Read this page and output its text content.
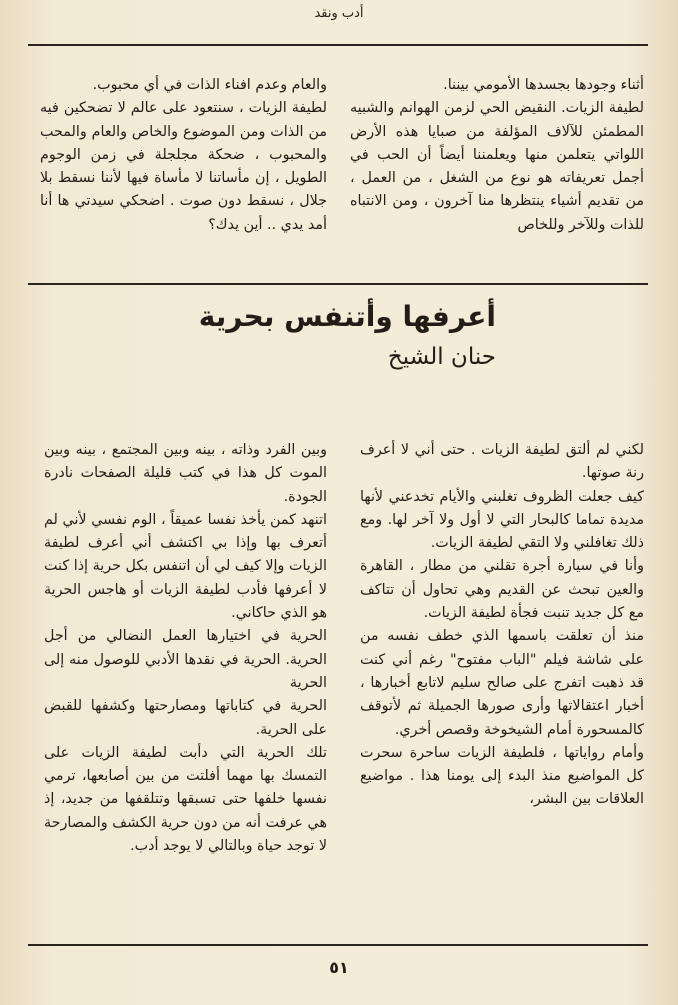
أدب ونقد
أثناء وجودها بجسدها الأمومي بيننا.
لطيفة الزيات. النقيض الحي لزمن الهوانم والشبيه المطمئن للآلاف المؤلفة من صبايا هذه الأرض اللواتي يتعلمن منها ويعلمننا أيضاً أن الحب في أجمل تعريفاته هو نوع من الشغل ، من العمل ، من تقديم أشياء ينتظرها منا آخرون ، ومن الانتباه للذات وللآخر وللخاص
والعام وعدم افناء الذات في أي محبوب.
لطيفة الزيات ، سنتعود على عالم لا تضحكين فيه من الذات ومن الموضوع والخاص والعام والمحب والمحبوب ، ضحكة مجلجلة في زمن الوجوم الطويل ، إن مأساتنا لا مأساة فيها لأننا نسقط بلا جلال ، نسقط دون صوت . اضحكي سيدتي ها أنا أمد يدي .. أين يدك؟
أعرفها وأتنفس بحرية
حنان الشيخ
لكني لم ألتق لطيفة الزيات . حتى أني لا أعرف رنة صوتها.
كيف جعلت الظروف تغلبني والأيام تخدعني لأنها مديدة تماما كالبحار التي لا أول ولا آخر لها. ومع ذلك تغافلني ولا التقي لطيفة الزيات.
وأنا في سيارة أجرة تقلني من مطار ، القاهرة والعين تبحث عن القديم وهي تحاول أن تتاكف مع كل جديد تنبت فجأة لطيفة الزيات.
منذ أن تعلقت باسمها الذي خطف نفسه من على شاشة فيلم "الباب مفتوح" رغم أني كنت قد ذهبت اتفرج على صالح سليم لاتابع أخبارها ، أخبار اعتقالاتها وأرى صورها الجميلة ثم لأتوقف كالمسحورة أمام الشيخوخة وقصص أخري.
وأمام رواياتها ، فلطيفة الزيات ساحرة سحرت كل المواضيع منذ البدء إلى يومنا هذا . مواضيع العلاقات بين البشر،
وبين الفرد وذاته ، بينه وبين المجتمع ، بينه وبين الموت كل هذا في كتب قليلة الصفحات نادرة الجودة.
اتنهد كمن يأخذ نفسا عميقاً ، الوم نفسي لأني لم أتعرف بها وإذا بي اكتشف أني أعرف لطيفة الزيات وإلا كيف لي أن اتنفس بكل حرية إذا كنت لا أعرفها فأدب لطيفة الزيات أو هاجس الحرية هو الذي حاكاني.
الحرية في اختيارها العمل النضالي من أجل الحرية. الحرية في نقدها الأدبي للوصول منه إلى الحرية
الحرية في كتاباتها ومصارحتها وكشفها للقبض على الحرية.
تلك الحرية التي دأبت لطيفة الزيات على التمسك بها مهما أفلتت من بين أصابعها، ترمي نفسها خلفها حتى تسبقها وتتلقفها من جديد، إذ هي عرفت أنه من دون حرية الكشف والمصارحة لا توجد حياة وبالتالي لا يوجد أدب.
٥١
